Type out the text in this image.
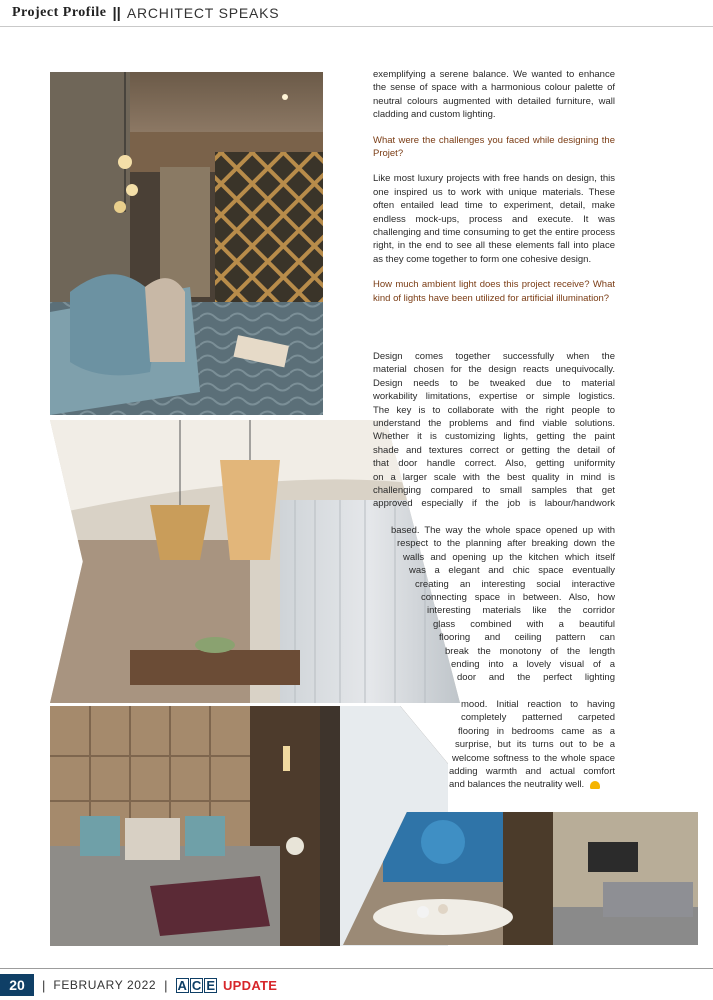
Project Profile || ARCHITECT SPEAKS

exemplifying a serene balance. We wanted to enhance the sense of space with a harmonious colour palette of neutral colours augmented with detailed furniture, wall cladding and custom lighting.

What were the challenges you faced while designing the Projet?

Like most luxury projects with free hands on design, this one inspired us to work with unique materials. These often entailed lead time to experiment, detail, make endless mock-ups, process and execute. It was challenging and time consuming to get the entire process right, in the end to see all these elements fall into place as they come together to form one cohesive design.

How much ambient light does this project receive? What kind of lights have been utilized for artificial illumination?

Design comes together successfully when the
material chosen for the design reacts unequivocally.
Design needs to be tweaked due to material
workability limitations, expertise or simple logistics.
The key is to collaborate with the right people to
understand the problems and find viable solutions.
Whether it is customizing lights, getting the paint
shade and textures correct or getting the detail of
that door handle correct. Also, getting uniformity
on a larger scale with the best quality in mind is
challenging compared to small samples that get
approved especially if the job is labour/handwork
based. The way the whole space opened up with
respect to the planning after breaking down the
walls and opening up the kitchen which itself
was a elegant and chic space eventually
creating an interesting social interactive
connecting space in between. Also, how
interesting materials like the corridor
glass combined with a beautiful
flooring and ceiling pattern can
break the monotony of the length
ending into a lovely visual of a
door and the perfect lighting
mood. Initial reaction to having
completely patterned carpeted
flooring in bedrooms came as a
surprise, but its turns out to be a
welcome softness to the whole space
adding warmth and actual comfort
and balances the neutrality well.
20	| FEBRUARY 2022 | A C E UPDATE
